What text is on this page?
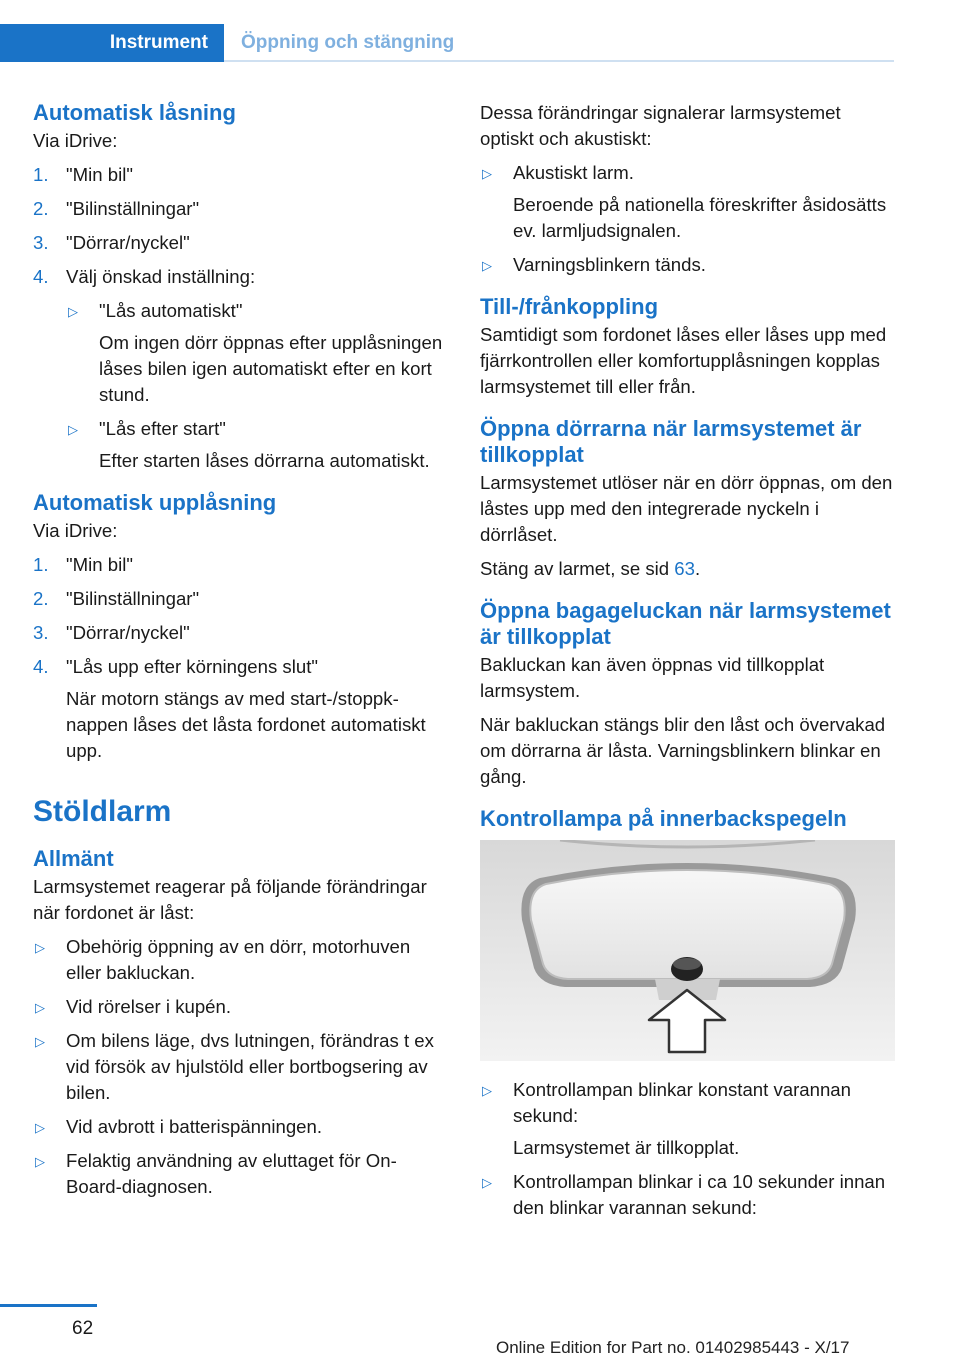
Instrument Öppning och stängning
Automatisk låsning

Via iDrive:

1. "Min bil"
2. "Bilinställningar"
3. "Dörrar/nyckel"
4. Välj önskad inställning:
▷ "Lås automatiskt"
Om ingen dörr öppnas efter upplåsningen låses bilen igen automatiskt efter en kort stund.
▷ "Lås efter start"
Efter starten låses dörrarna automatiskt.
Automatisk upplåsning

Via iDrive:

1. "Min bil"
2. "Bilinställningar"
3. "Dörrar/nyckel"
4. "Lås upp efter körningens slut"
När motorn stängs av med start-/stoppknappen låses det låsta fordonet automatiskt upp.
Stöldlarm
Allmänt

Larmsystemet reagerar på följande förändringar när fordonet är låst:

▷ Obehörig öppning av en dörr, motorhuven eller bakluckan.
▷ Vid rörelser i kupén.
▷ Om bilens läge, dvs lutningen, förändras t ex vid försök av hjulstöld eller bortbogsering av bilen.
▷ Vid avbrott i batterispänningen.
▷ Felaktig användning av eluttaget för On-Board-diagnosen.

Dessa förändringar signalerar larmsystemet optiskt och akustiskt:

▷ Akustiskt larm.
Beroende på nationella föreskrifter åsidosätts ev. larmljudsignalen.
▷ Varningsblinkern tänds.
Till-/frånkoppling

Samtidigt som fordonet låses eller låses upp med fjärrkontrollen eller komfortupplåsningen kopplas larmsystemet till eller från.

Öppna dörrarna när larmsystemet är tillkopplat

Larmsystemet utlöser när en dörr öppnas, om den låstes upp med den integrerade nyckeln i dörrlåset.

Stäng av larmet, se sid 63.

Öppna bagageluckan när larmsystemet är tillkopplat

Bakluckan kan även öppnas vid tillkopplat larmsystem.

När bakluckan stängs blir den låst och övervakad om dörrarna är låsta. Varningsblinkern blinkar en gång.

Kontrollampa på innerbackspegeln
▷ Kontrollampan blinkar konstant varannan sekund:
Larmsystemet är tillkopplat.
▷ Kontrollampan blinkar i ca 10 sekunder innan den blinkar varannan sekund:
62
Online Edition for Part no. 01402985443 - X/17
